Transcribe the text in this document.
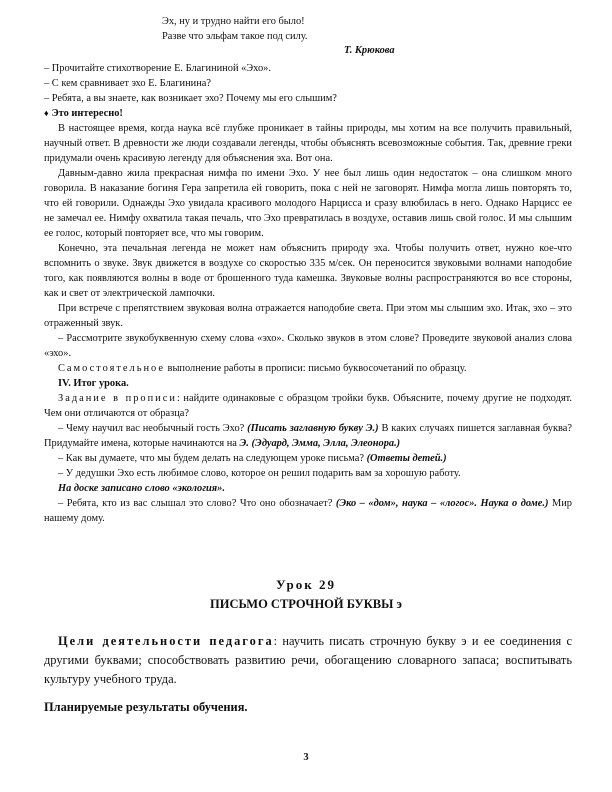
Эх, ну и трудно найти его было!
Разве что эльфам такое под силу.
Т. Крюкова

– Прочитайте стихотворение Е. Благининой «Эхо».

– С кем сравнивает эхо Е. Благинина?

– Ребята, а вы знаете, как возникает эхо? Почему мы его слышим?

♦ Это интересно!

В настоящее время, когда наука всё глубже проникает в тайны природы, мы хотим на все получить правильный, научный ответ. В древности же люди создавали легенды, чтобы объяснять всевозможные события. Так, древние греки придумали очень красивую легенду для объяснения эха. Вот она.

Давным-давно жила прекрасная нимфа по имени Эхо. У нее был лишь один недостаток – она слишком много говорила. В наказание богиня Гера запретила ей говорить, пока с ней не заговорят. Нимфа могла лишь повторять то, что ей говорили. Однажды Эхо увидала красивого молодого Нарцисса и сразу влюбилась в него. Однако Нарцисс ее не замечал ее. Нимфу охватила такая печаль, что Эхо превратилась в воздухе, оставив лишь свой голос. И мы слышим ее голос, который повторяет все, что мы говорим.

Конечно, эта печальная легенда не может нам объяснить природу эха. Чтобы получить ответ, нужно кое-что вспомнить о звуке. Звук движется в воздухе со скоростью 335 м/сек. Он переносится звуковыми волнами наподобие того, как появляются волны в воде от брошенного туда камешка. Звуковые волны распространяются во все стороны, как и свет от электрической лампочки.

При встрече с препятствием звуковая волна отражается наподобие света. При этом мы слышим эхо. Итак, эхо – это отраженный звук.

– Рассмотрите звукобуквенную схему слова «эхо». Сколько звуков в этом слове? Проведите звуковой анализ слова «эхо».

Самостоятельное выполнение работы в прописи: письмо буквосочетаний по образцу.

IV. Итог урока.

Задание в прописи: найдите одинаковые с образцом тройки букв. Объясните, почему другие не подходят. Чем они отличаются от образца?

– Чему научил вас необычный гость Эхо? (Писать заглавную букву Э.) В каких случаях пишется заглавная буква? Придумайте имена, которые начинаются на Э. (Эдуард, Эмма, Элла, Элеонора.)

– Как вы думаете, что мы будем делать на следующем уроке письма? (Ответы детей.)

– У дедушки Эхо есть любимое слово, которое он решил подарить вам за хорошую работу.

На доске записано слово «экология».

– Ребята, кто из вас слышал это слово? Что оно обозначает? (Эко – «дом», наука – «логос». Наука о доме.) Мир нашему дому.

Урок 29
ПИСЬМО СТРОЧНОЙ БУКВЫ э

Цели деятельности педагога: научить писать строчную букву э и ее соединения с другими буквами; способствовать развитию речи, обогащению словарного запаса; воспитывать культуру учебного труда.

Планируемые результаты обучения.
3
